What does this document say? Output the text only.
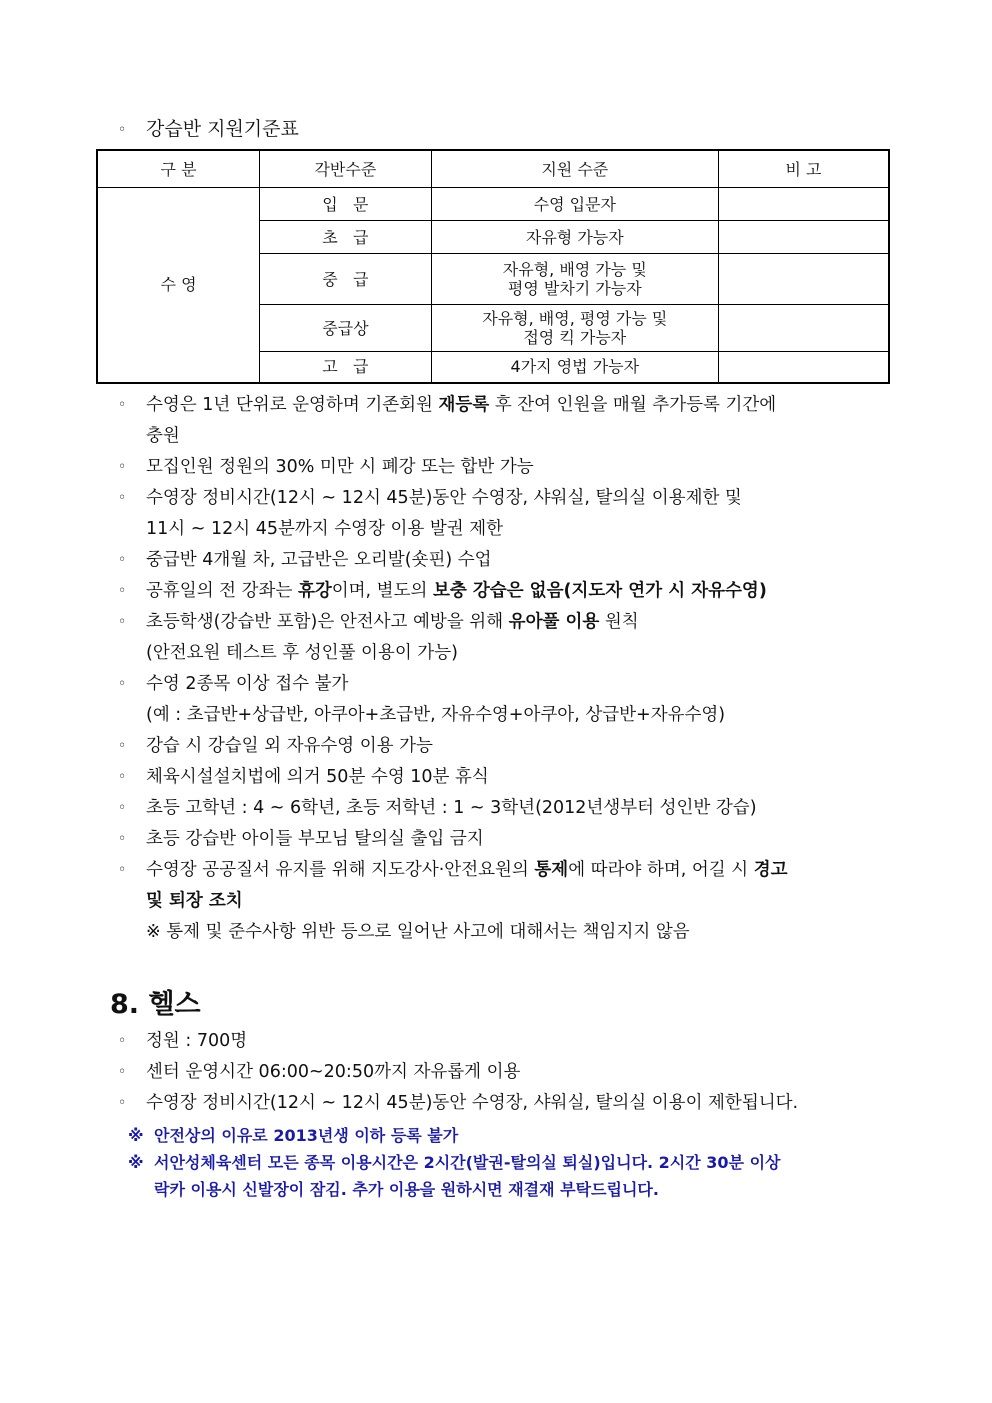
◦ 강습반 지원기준표
구 분	각반수준	지원 수준	비 고
수 영	입   문	수영 입문자	
	초   급	자유형 가능자	
	중   급	자유형, 배영 가능 및
평영 발차기 가능자	

	중급상	자유형, 배영, 평영 가능 및
접영 킥 가능자	

	고   급	4가지 영법 가능자	
◦	수영은 1년 단위로 운영하며 기존회원 재등록 후 잔여 인원을 매월 추가등록 기간에
충원
◦	모집인원 정원의 30% 미만 시 폐강 또는 합반 가능
◦	수영장 정비시간(12시 ~ 12시 45분)동안 수영장, 샤워실, 탈의실 이용제한 및
11시 ~ 12시 45분까지 수영장 이용 발권 제한
◦	중급반 4개월 차, 고급반은 오리발(숏핀) 수업
◦	공휴일의 전 강좌는 휴강이며, 별도의 보충 강습은 없음(지도자 연가 시 자유수영)
◦	초등학생(강습반 포함)은 안전사고 예방을 위해 유아풀 이용 원칙
(안전요원 테스트 후 성인풀 이용이 가능)
◦	수영 2종목 이상 접수 불가
(예 : 초급반+상급반, 아쿠아+초급반, 자유수영+아쿠아, 상급반+자유수영)
◦	강습 시 강습일 외 자유수영 이용 가능
◦	체육시설설치법에 의거 50분 수영 10분 휴식
◦	초등 고학년 : 4 ~ 6학년, 초등 저학년 : 1 ~ 3학년(2012년생부터 성인반 강습)
◦	초등 강습반 아이들 부모님 탈의실 출입 금지
◦	수영장 공공질서 유지를 위해 지도강사·안전요원의 통제에 따라야 하며, 어길 시 경고
및 퇴장 조치
※ 통제 및 준수사항 위반 등으로 일어난 사고에 대해서는 책임지지 않음
8. 헬스
◦	정원 : 700명
◦	센터 운영시간 06:00~20:50까지 자유롭게 이용
◦	수영장 정비시간(12시 ~ 12시 45분)동안 수영장, 샤워실, 탈의실 이용이 제한됩니다.
※ 안전상의 이유로 2013년생 이하 등록 불가
※ 서안성체육센터 모든 종목 이용시간은 2시간(발권-탈의실 퇴실)입니다. 2시간 30분 이상
락카 이용시 신발장이 잠김. 추가 이용을 원하시면 재결재 부탁드립니다.
